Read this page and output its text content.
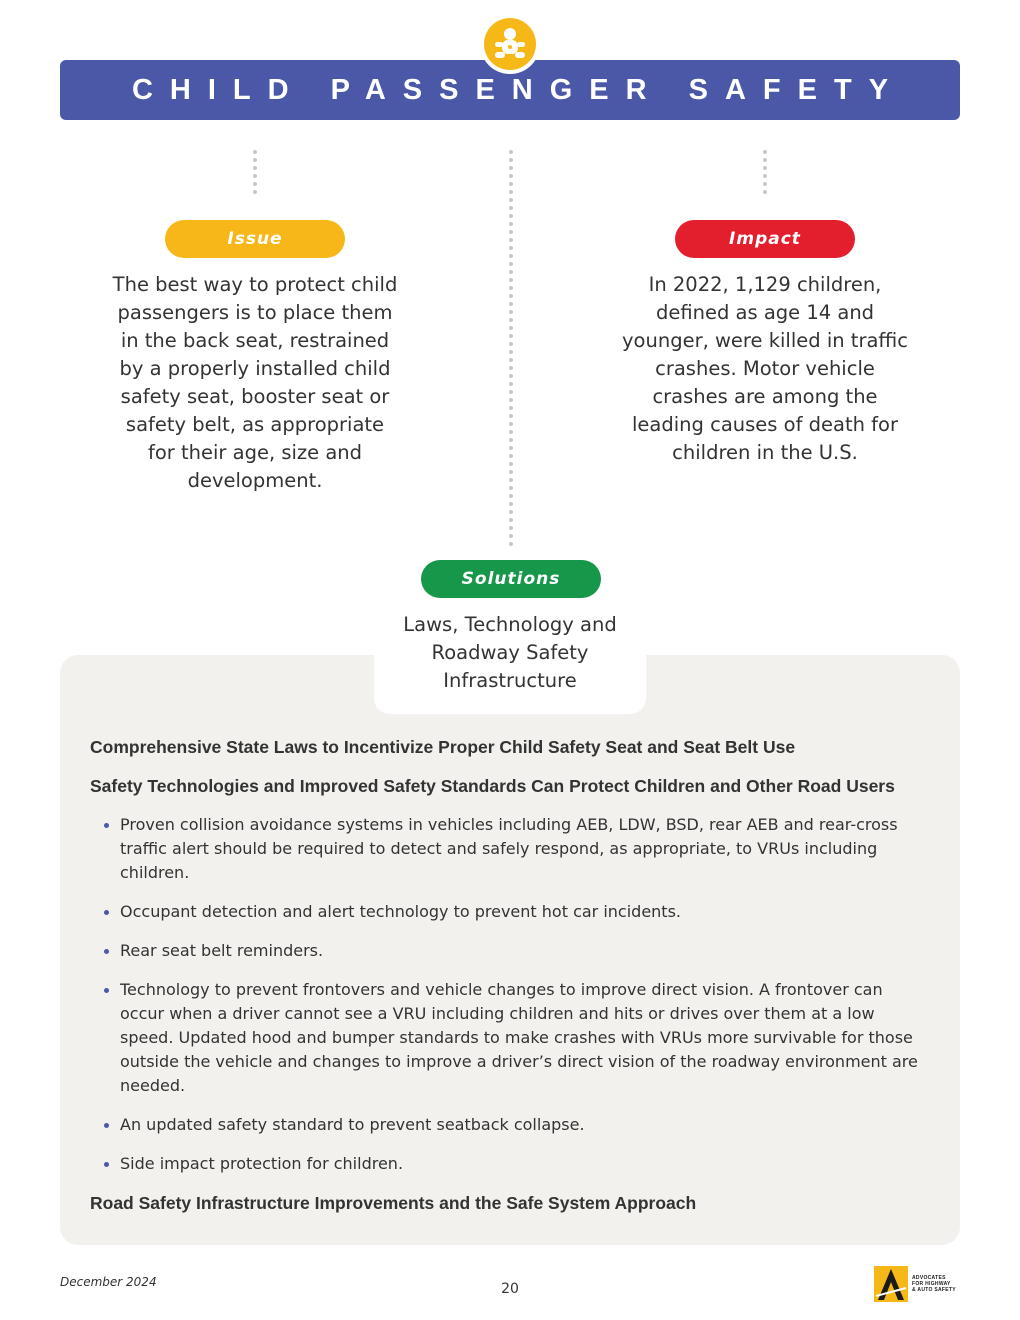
CHILD PASSENGER SAFETY
Issue

The best way to protect child passengers is to place them in the back seat, restrained by a properly installed child safety seat, booster seat or safety belt, as appropriate for their age, size and development.

Impact

In 2022, 1,129 children, defined as age 14 and younger, were killed in traffic crashes. Motor vehicle crashes are among the leading causes of death for children in the U.S.

Solutions

Laws, Technology and Roadway Safety Infrastructure

Comprehensive State Laws to Incentivize Proper Child Safety Seat and Seat Belt Use
Safety Technologies and Improved Safety Standards Can Protect Children and Other Road Users
Proven collision avoidance systems in vehicles including AEB, LDW, BSD, rear AEB and rear-cross traffic alert should be required to detect and safely respond, as appropriate, to VRUs including children.
Occupant detection and alert technology to prevent hot car incidents.
Rear seat belt reminders.
Technology to prevent frontovers and vehicle changes to improve direct vision. A frontover can occur when a driver cannot see a VRU including children and hits or drives over them at a low speed. Updated hood and bumper standards to make crashes with VRUs more survivable for those outside the vehicle and changes to improve a driver’s direct vision of the roadway environment are needed.
An updated safety standard to prevent seatback collapse.
Side impact protection for children.
Road Safety Infrastructure Improvements and the Safe System Approach
December 2024	20
ADVOCATES
FOR HIGHWAY
& AUTO SAFETY
